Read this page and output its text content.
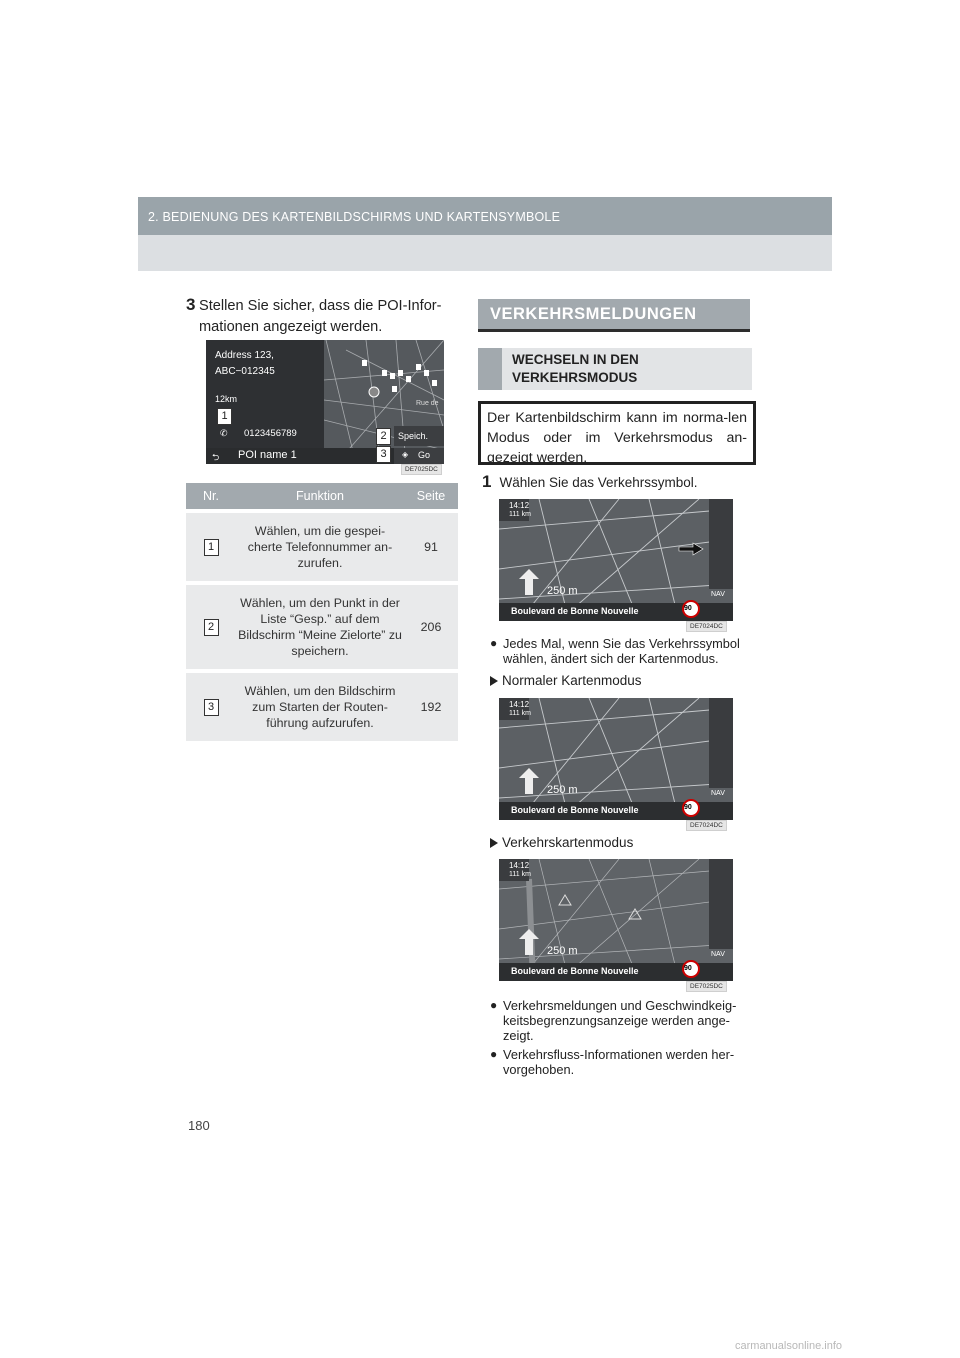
2. BEDIENUNG DES KARTENBILDSCHIRMS UND KARTENSYMBOLE
3 Stellen Sie sicher, dass die POI-Infor-mationen angezeigt werden.
Address 123,
ABC−012345
12km
✆ 0123456789
⮌ POI name 1
Speich.
Go
◈
Rue de
1
2
3
DE7025DC
Nr.	Funktion	Seite
1	Wählen, um die gespei-cherte Telefonnummer an-zurufen.	91
2	Wählen, um den Punkt in der Liste “Gesp.” auf dem Bildschirm “Meine Zielorte” zu speichern.	206
3	Wählen, um den Bildschirm zum Starten der Routen-führung aufzurufen.	192
VERKEHRSMELDUNGEN
WECHSELN IN DEN
VERKEHRSMODUS
Der Kartenbildschirm kann im norma-len Modus oder im Verkehrsmodus an-gezeigt werden.
1 Wählen Sie das Verkehrssymbol.
14:12
111 km
250 m
Boulevard de Bonne Nouvelle	90
NAV
DE7024DC
● Jedes Mal, wenn Sie das Verkehrssymbol wählen, ändert sich der Kartenmodus.
Normaler Kartenmodus
14:12
111 km
250 m
Boulevard de Bonne Nouvelle	90
NAV
DE7024DC
Verkehrskartenmodus
14:12
111 km
250 m
Boulevard de Bonne Nouvelle	90
NAV
DE7025DC
● Verkehrsmeldungen und Geschwindkeig-keitsbegrenzungsanzeige werden ange-zeigt.
● Verkehrsfluss-Informationen werden her-vorgehoben.
180
carmanualsonline.info
